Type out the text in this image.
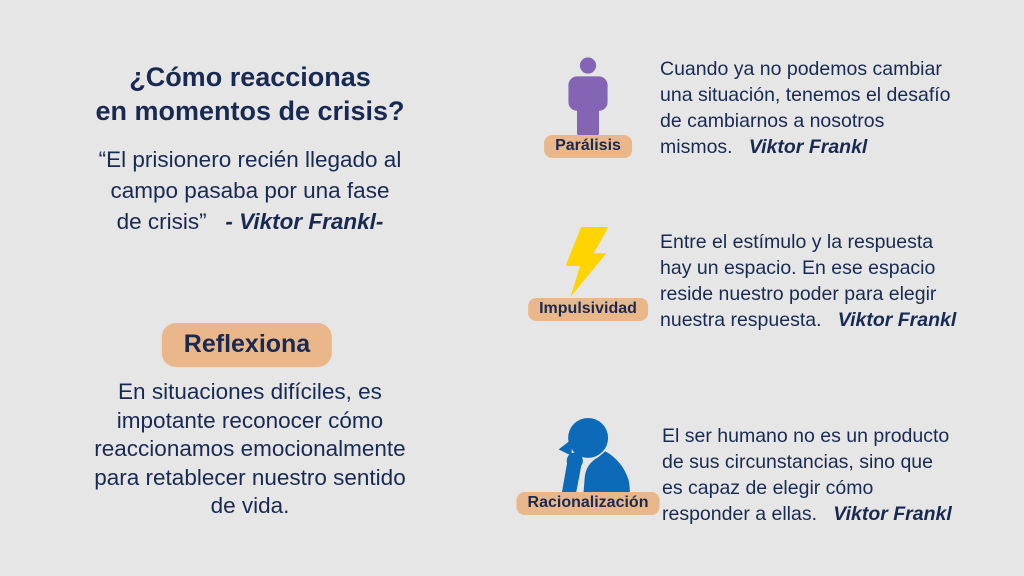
¿Cómo reaccionas
en momentos de crisis?
“El prisionero recién llegado al
campo pasaba por una fase
de crisis” - Viktor Frankl-
Reflexiona
En situaciones difíciles, es
impotante reconocer cómo
reaccionamos emocionalmente
para retablecer nuestro sentido
de vida.
Parálisis
Cuando ya no podemos cambiar
una situación, tenemos el desafío
de cambiarnos a nosotros
mismos. Viktor Frankl
Impulsividad
Entre el estímulo y la respuesta
hay un espacio. En ese espacio
reside nuestro poder para elegir
nuestra respuesta. Viktor Frankl
Racionalización
El ser humano no es un producto
de sus circunstancias, sino que
es capaz de elegir cómo
responder a ellas. Viktor Frankl
